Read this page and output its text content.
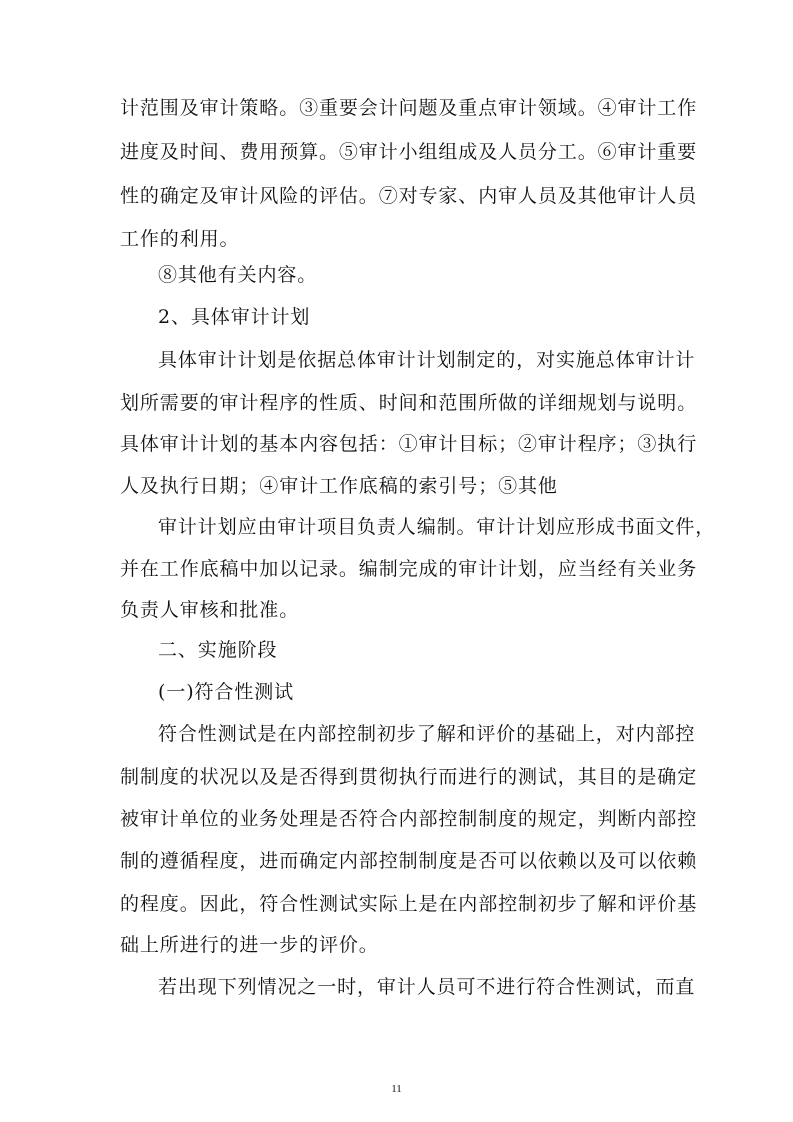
计范围及审计策略。③重要会计问题及重点审计领域。④审计工作
进度及时间、费用预算。⑤审计小组组成及人员分工。⑥审计重要
性的确定及审计风险的评估。⑦对专家、内审人员及其他审计人员
工作的利用。
⑧其他有关内容。
2、具体审计计划
具体审计计划是依据总体审计计划制定的，对实施总体审计计
划所需要的审计程序的性质、时间和范围所做的详细规划与说明。
具体审计计划的基本内容包括：①审计目标；②审计程序；③执行
人及执行日期；④审计工作底稿的索引号；⑤其他
审计计划应由审计项目负责人编制。审计计划应形成书面文件，
并在工作底稿中加以记录。编制完成的审计计划，应当经有关业务
负责人审核和批准。
二、实施阶段
(一)符合性测试
符合性测试是在内部控制初步了解和评价的基础上，对内部控
制制度的状况以及是否得到贯彻执行而进行的测试，其目的是确定
被审计单位的业务处理是否符合内部控制制度的规定，判断内部控
制的遵循程度，进而确定内部控制制度是否可以依赖以及可以依赖
的程度。因此，符合性测试实际上是在内部控制初步了解和评价基
础上所进行的进一步的评价。
若出现下列情况之一时，审计人员可不进行符合性测试，而直
11
